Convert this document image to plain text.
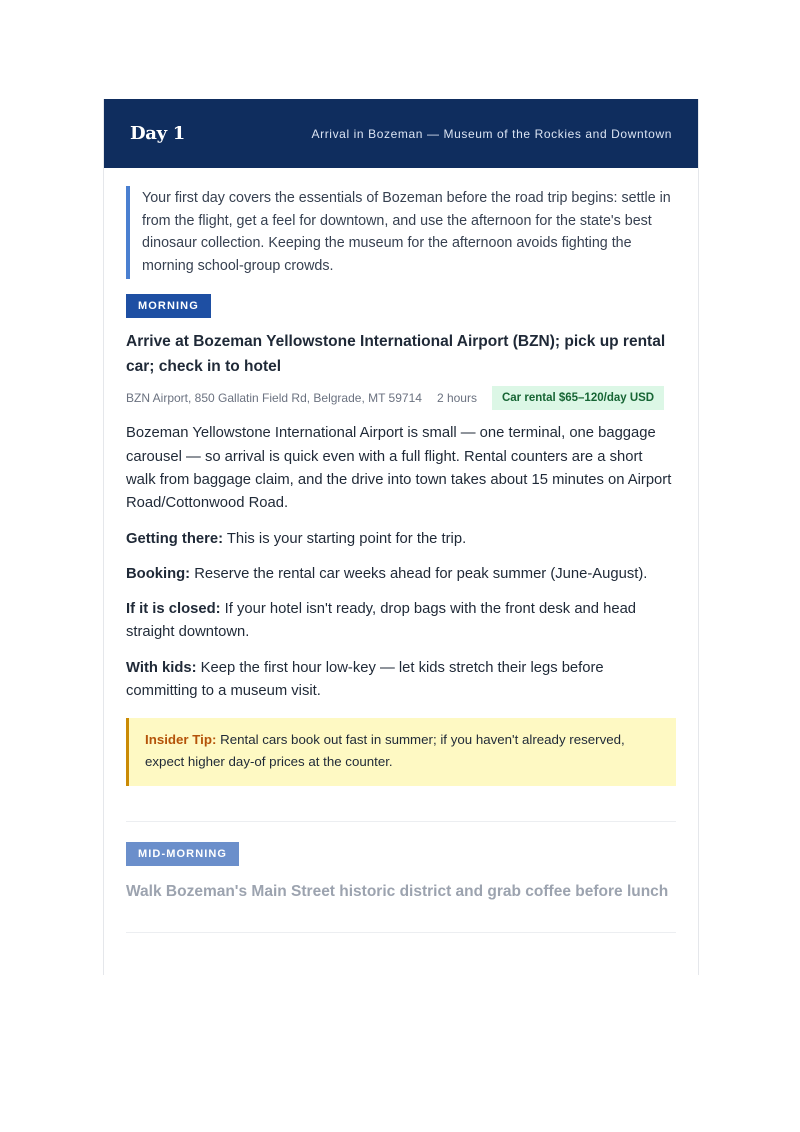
Day 1	Arrival in Bozeman — Museum of the Rockies and Downtown

Your first day covers the essentials of Bozeman before the road trip begins: settle in from the flight, get a feel for downtown, and use the afternoon for the state's best dinosaur collection. Keeping the museum for the afternoon avoids fighting the morning school-group crowds.

MORNING
Arrive at Bozeman Yellowstone International Airport (BZN); pick up rental car; check in to hotel
BZN Airport, 850 Gallatin Field Rd, Belgrade, MT 59714 2 hours	Car rental $65–120/day USD

Bozeman Yellowstone International Airport is small — one terminal, one baggage carousel — so arrival is quick even with a full flight. Rental counters are a short walk from baggage claim, and the drive into town takes about 15 minutes on Airport Road/Cottonwood Road.

Getting there: This is your starting point for the trip.

Booking: Reserve the rental car weeks ahead for peak summer (June-August).

If it is closed: If your hotel isn't ready, drop bags with the front desk and head straight downtown.

With kids: Keep the first hour low-key — let kids stretch their legs before committing to a museum visit.

Insider Tip: Rental cars book out fast in summer; if you haven't already reserved, expect higher day-of prices at the counter.
MID-MORNING
Walk Bozeman's Main Street historic district and grab coffee before lunch
